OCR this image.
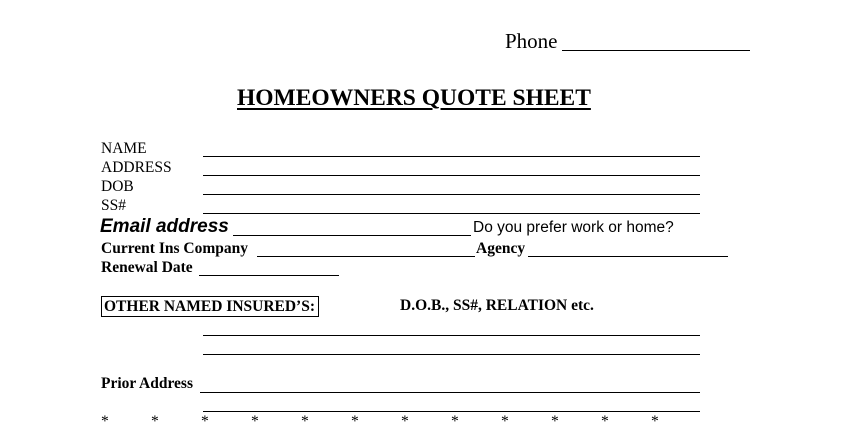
Phone
HOMEOWNERS QUOTE SHEET
NAME
ADDRESS
DOB
SS#
Email address	Do you prefer work or home?
Current Ins Company	Agency
Renewal Date
OTHER NAMED INSURED’S:	D.O.B., SS#, RELATION etc.
Prior Address
*	*	*	*	*	*	*	*	*	*	*	*
